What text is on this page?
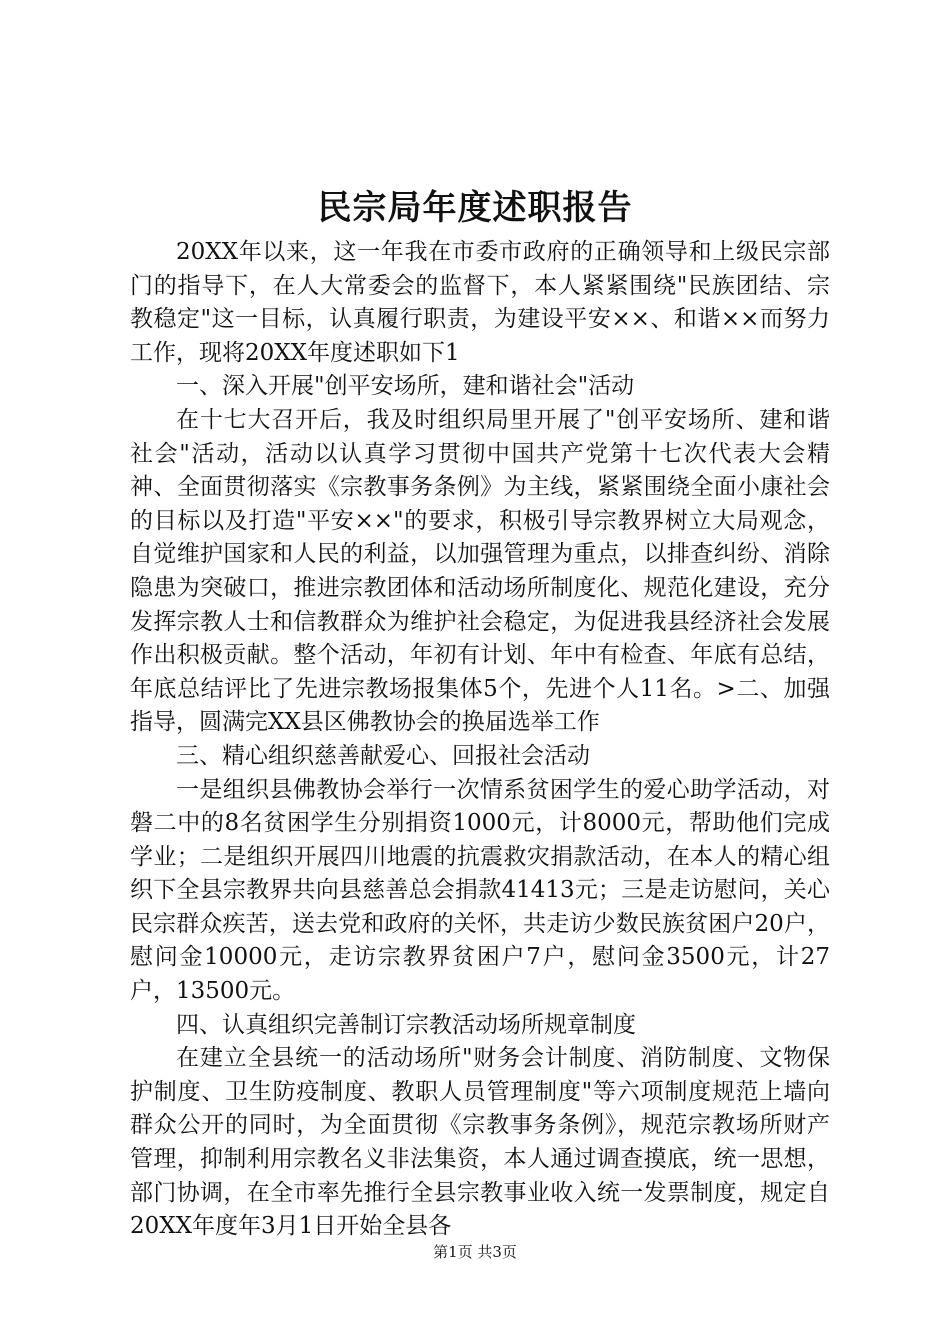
民宗局年度述职报告

20XX年以来，这一年我在市委市政府的正确领导和上级民宗部门的指导下，在人大常委会的监督下，本人紧紧围绕"民族团结、宗教稳定"这一目标，认真履行职责，为建设平安××、和谐××而努力工作，现将20XX年度述职如下1

一、深入开展"创平安场所，建和谐社会"活动

在十七大召开后，我及时组织局里开展了"创平安场所、建和谐社会"活动，活动以认真学习贯彻中国共产党第十七次代表大会精神、全面贯彻落实《宗教事务条例》为主线，紧紧围绕全面小康社会的目标以及打造"平安××"的要求，积极引导宗教界树立大局观念，自觉维护国家和人民的利益，以加强管理为重点，以排查纠纷、消除隐患为突破口，推进宗教团体和活动场所制度化、规范化建设，充分发挥宗教人士和信教群众为维护社会稳定，为促进我县经济社会发展作出积极贡献。整个活动，年初有计划、年中有检查、年底有总结，年底总结评比了先进宗教场报集体5个，先进个人11名。>二、加强指导，圆满完XX县区佛教协会的换届选举工作

三、精心组织慈善献爱心、回报社会活动

一是组织县佛教协会举行一次情系贫困学生的爱心助学活动，对磐二中的8名贫困学生分别捐资1000元，计8000元，帮助他们完成学业；二是组织开展四川地震的抗震救灾捐款活动，在本人的精心组织下全县宗教界共向县慈善总会捐款41413元；三是走访慰问，关心民宗群众疾苦，送去党和政府的关怀，共走访少数民族贫困户20户，慰问金10000元，走访宗教界贫困户7户，慰问金3500元，计27户，13500元。

四、认真组织完善制订宗教活动场所规章制度

在建立全县统一的活动场所"财务会计制度、消防制度、文物保护制度、卫生防疫制度、教职人员管理制度"等六项制度规范上墙向群众公开的同时，为全面贯彻《宗教事务条例》，规范宗教场所财产管理，抑制利用宗教名义非法集资，本人通过调查摸底，统一思想，部门协调，在全市率先推行全县宗教事业收入统一发票制度，规定自20XX年度年3月1日开始全县各

第1页 共3页
